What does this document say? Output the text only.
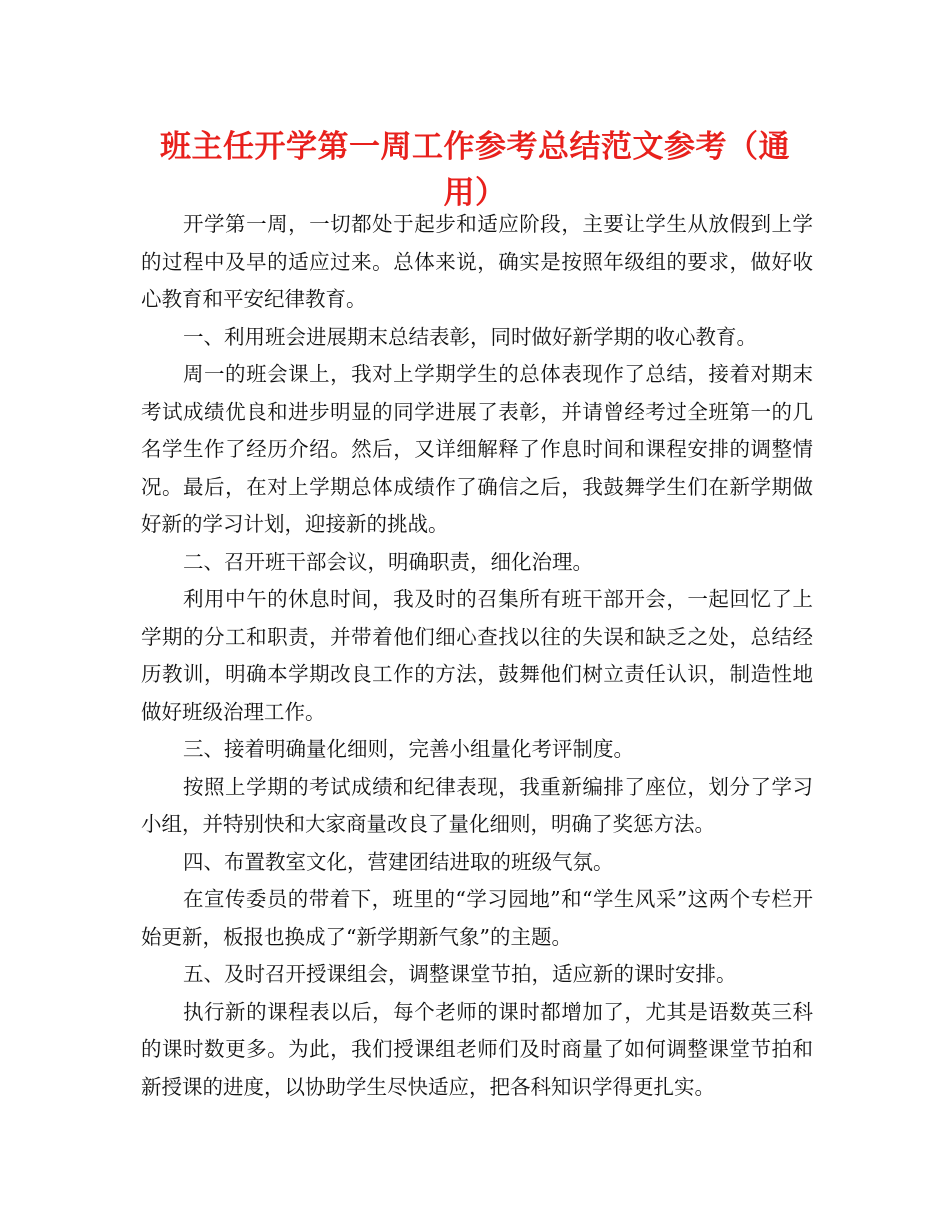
班主任开学第一周工作参考总结范文参考（通用）

开学第一周，一切都处于起步和适应阶段，主要让学生从放假到上学的过程中及早的适应过来。总体来说，确实是按照年级组的要求，做好收心教育和平安纪律教育。

一、利用班会进展期末总结表彰，同时做好新学期的收心教育。

周一的班会课上，我对上学期学生的总体表现作了总结，接着对期末考试成绩优良和进步明显的同学进展了表彰，并请曾经考过全班第一的几名学生作了经历介绍。然后，又详细解释了作息时间和课程安排的调整情况。最后，在对上学期总体成绩作了确信之后，我鼓舞学生们在新学期做好新的学习计划，迎接新的挑战。

二、召开班干部会议，明确职责，细化治理。

利用中午的休息时间，我及时的召集所有班干部开会，一起回忆了上学期的分工和职责，并带着他们细心查找以往的失误和缺乏之处，总结经历教训，明确本学期改良工作的方法，鼓舞他们树立责任认识，制造性地做好班级治理工作。

三、接着明确量化细则，完善小组量化考评制度。

按照上学期的考试成绩和纪律表现，我重新编排了座位，划分了学习小组，并特别快和大家商量改良了量化细则，明确了奖惩方法。

四、布置教室文化，营建团结进取的班级气氛。

在宣传委员的带着下，班里的“学习园地”和“学生风采”这两个专栏开始更新，板报也换成了“新学期新气象”的主题。

五、及时召开授课组会，调整课堂节拍，适应新的课时安排。

执行新的课程表以后，每个老师的课时都增加了，尤其是语数英三科的课时数更多。为此，我们授课组老师们及时商量了如何调整课堂节拍和新授课的进度，以协助学生尽快适应，把各科知识学得更扎实。
